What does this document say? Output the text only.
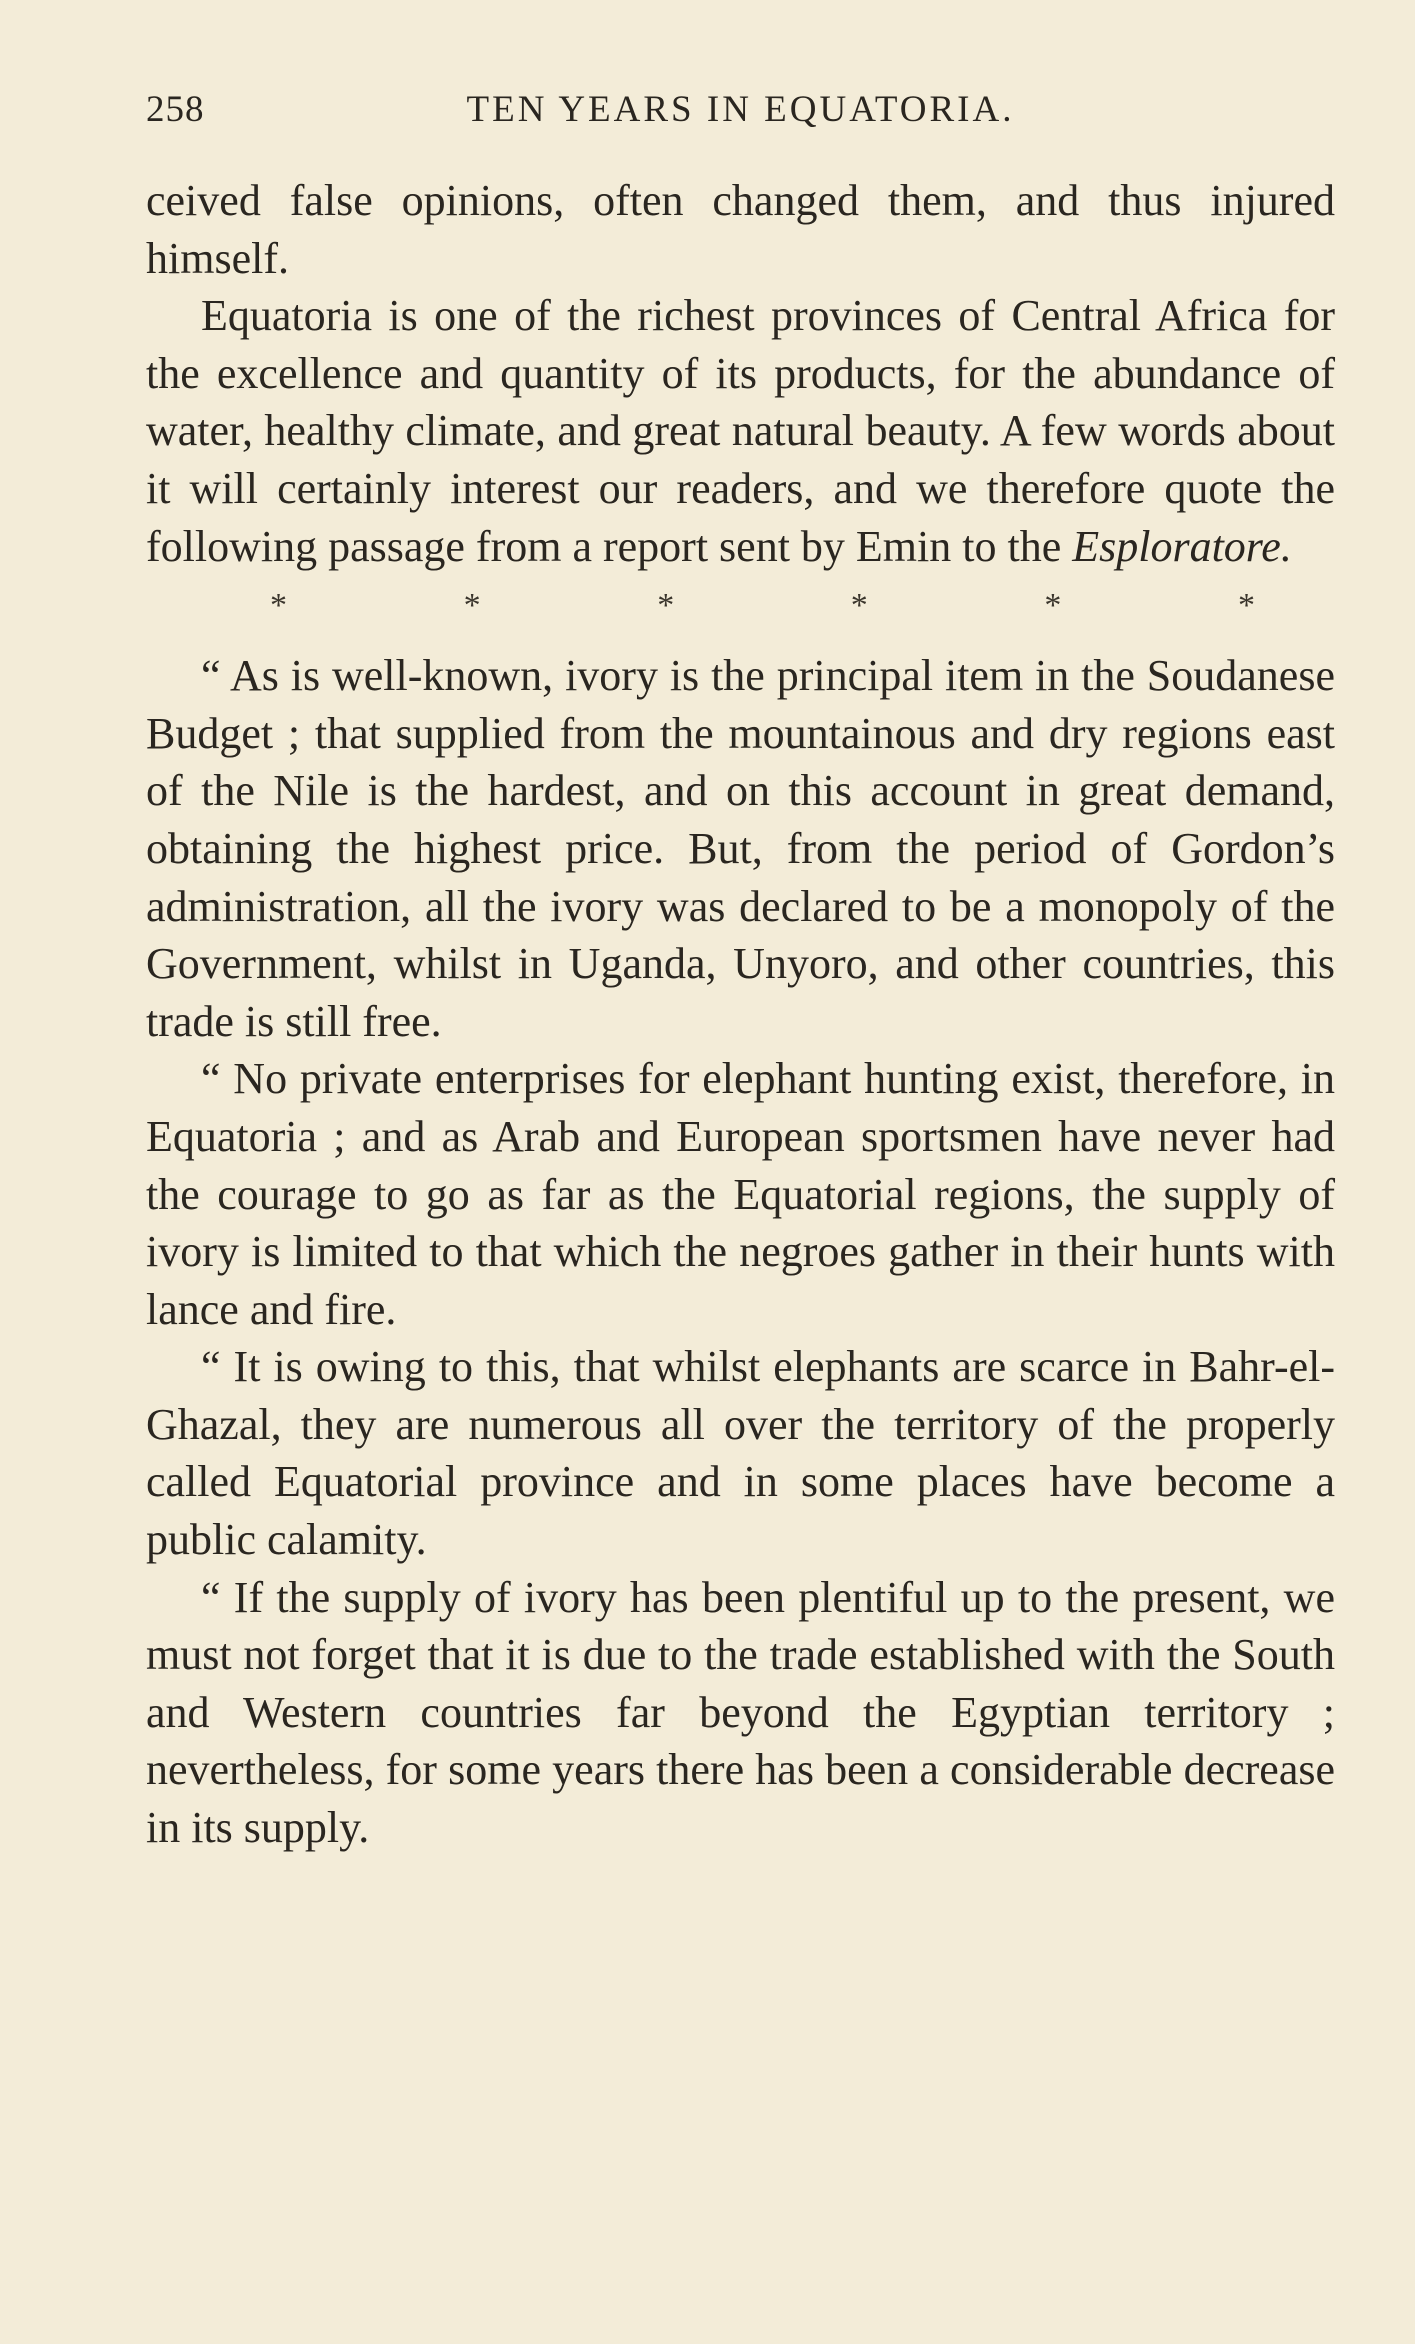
258	TEN YEARS IN EQUATORIA.

ceived false opinions, often changed them, and thus injured himself.

Equatoria is one of the richest provinces of Central Africa for the excellence and quantity of its products, for the abundance of water, healthy climate, and great natural beauty. A few words about it will certainly interest our readers, and we therefore quote the following passage from a report sent by Emin to the Esploratore.

*	*	*	*	*	*

“ As is well-known, ivory is the principal item in the Soudanese Budget ; that supplied from the mountainous and dry regions east of the Nile is the hardest, and on this account in great demand, obtaining the highest price. But, from the period of Gordon’s administration, all the ivory was declared to be a monopoly of the Government, whilst in Uganda, Unyoro, and other countries, this trade is still free.

“ No private enterprises for elephant hunting exist, therefore, in Equatoria ; and as Arab and European sportsmen have never had the courage to go as far as the Equatorial regions, the supply of ivory is limited to that which the negroes gather in their hunts with lance and fire.

“ It is owing to this, that whilst elephants are scarce in Bahr-el-Ghazal, they are numerous all over the territory of the properly called Equatorial province and in some places have become a public calamity.

“ If the supply of ivory has been plentiful up to the present, we must not forget that it is due to the trade established with the South and Western countries far beyond the Egyptian territory ; nevertheless, for some years there has been a considerable decrease in its supply.
